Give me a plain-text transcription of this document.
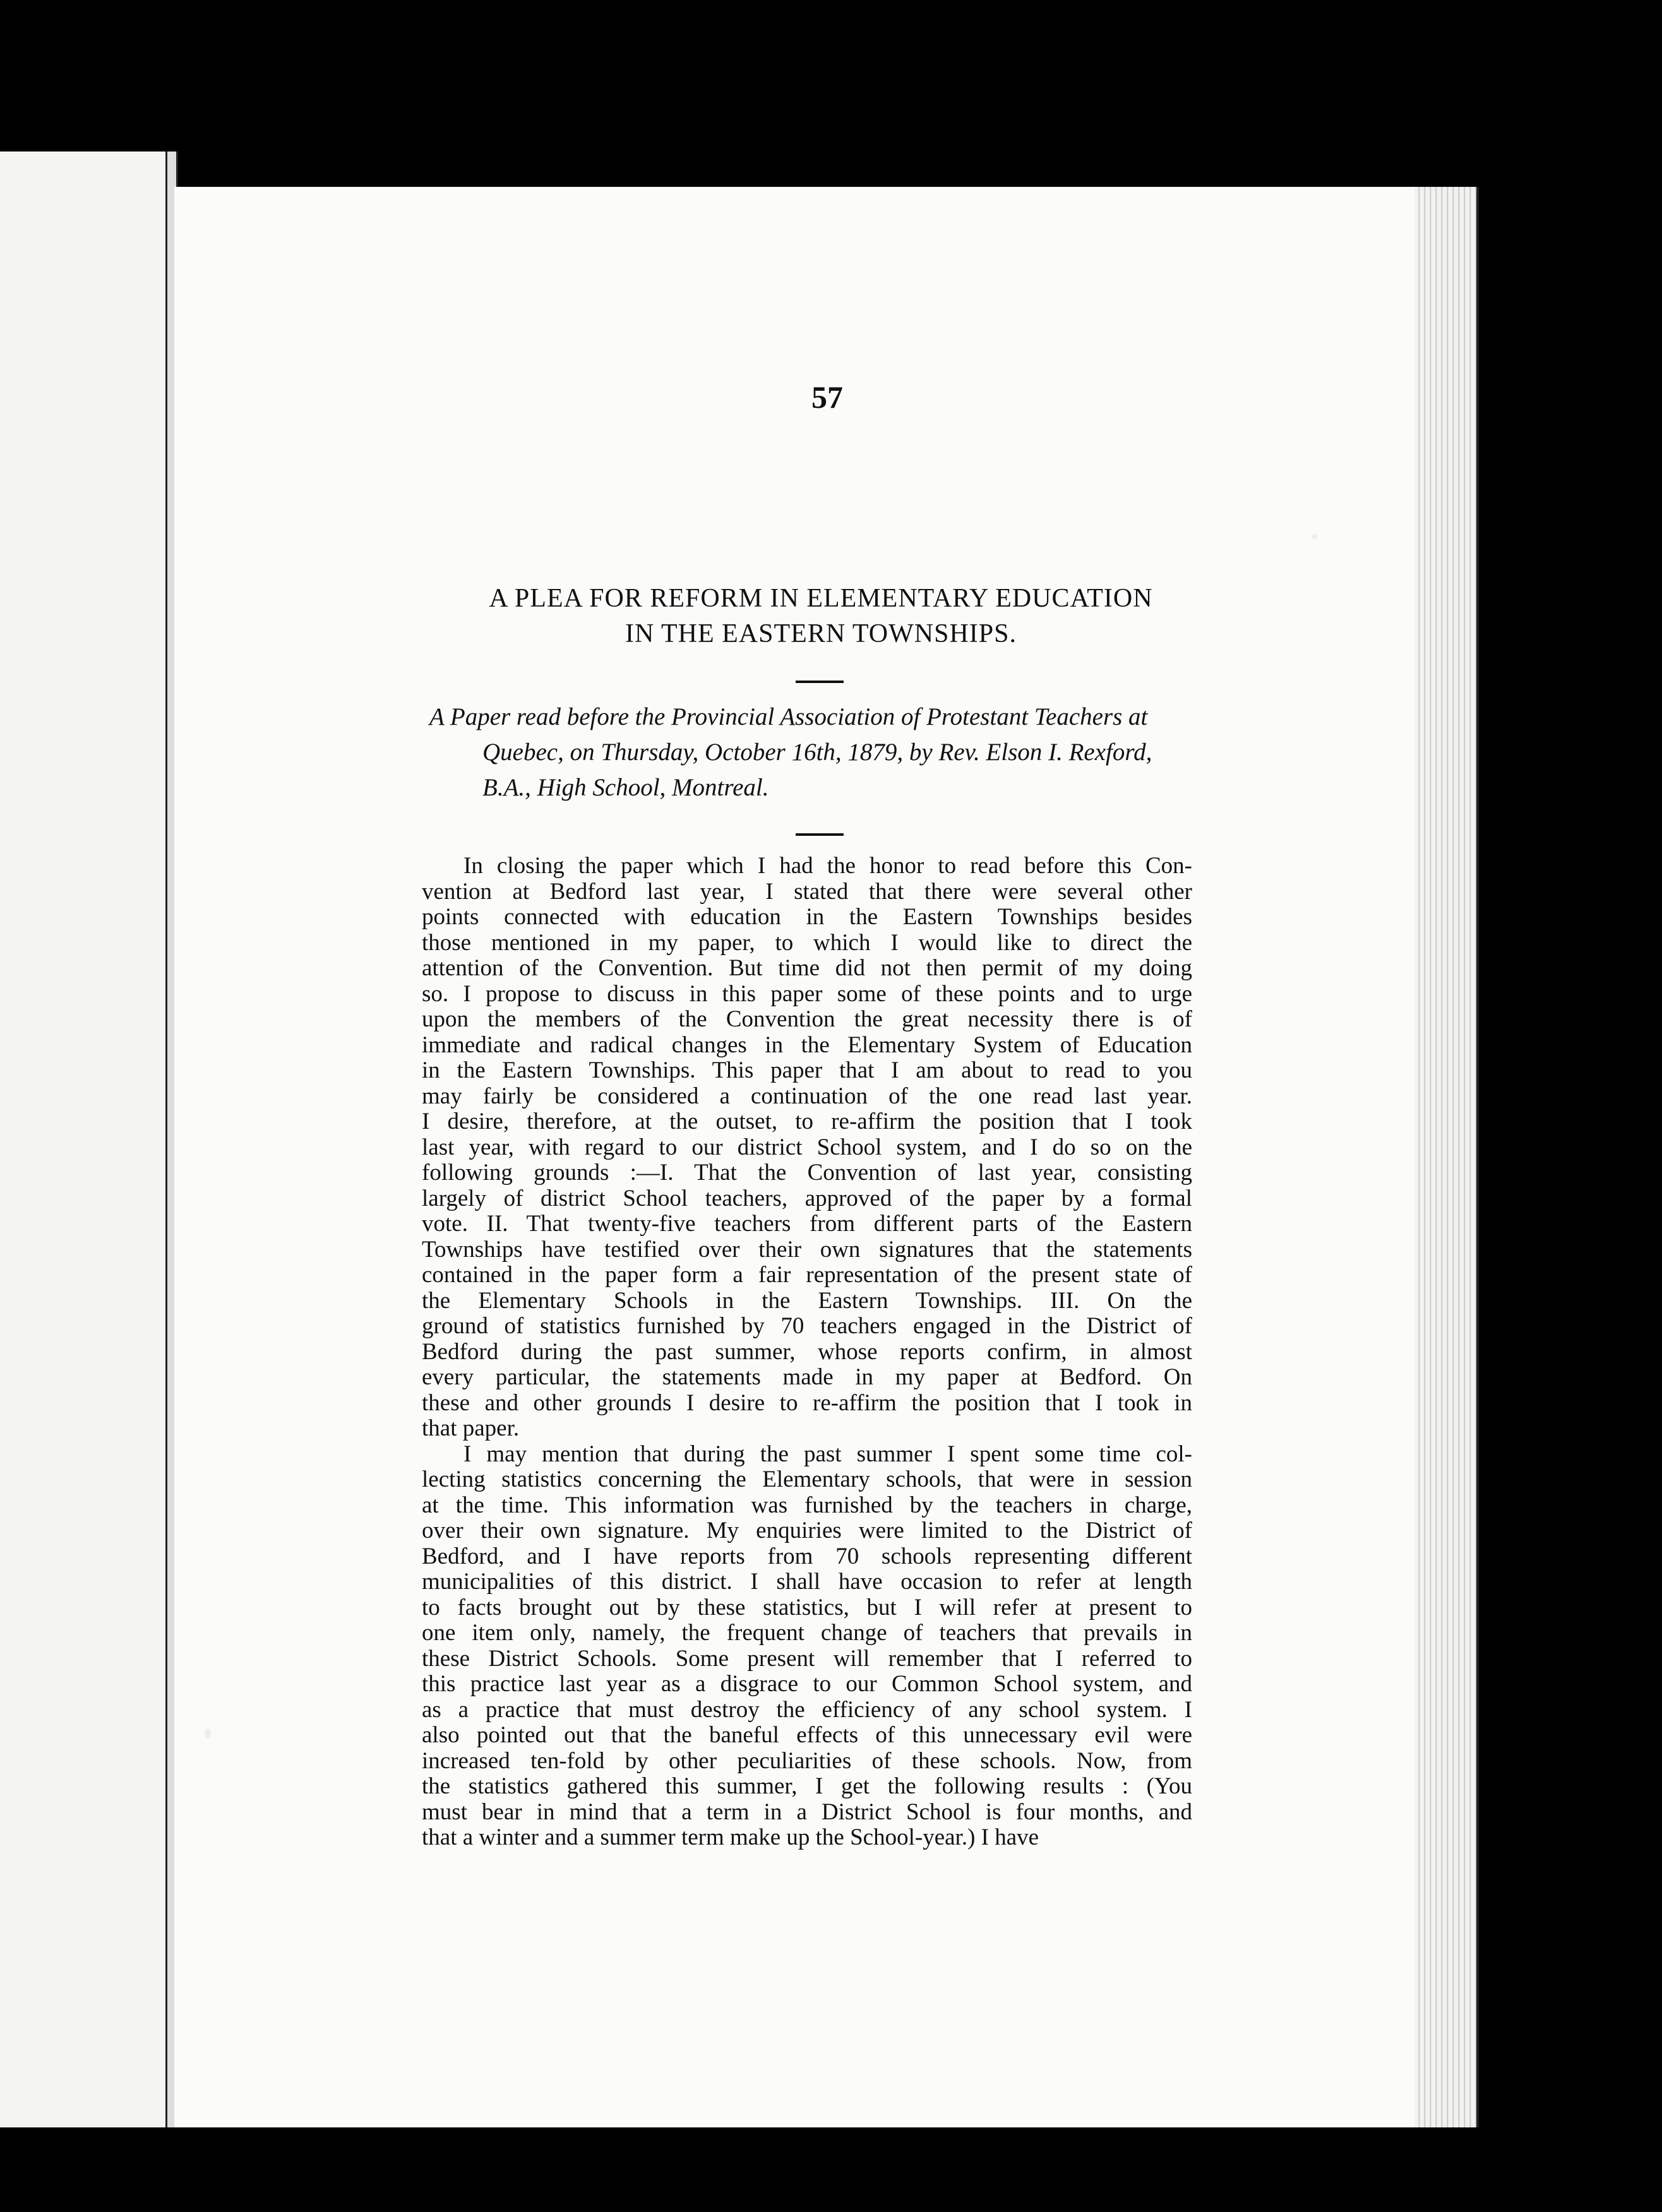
57
A PLEA FOR REFORM IN ELEMENTARY EDUCATION
IN THE EASTERN TOWNSHIPS.
A Paper read before the Provincial Association of Protestant Teachers at
Quebec, on Thursday, October 16th, 1879, by Rev. Elson I. Rexford,
B.A., High School, Montreal.
In closing the paper which I had the honor to read before this Con-
vention at Bedford last year, I stated that there were several other
points connected with education in the Eastern Townships besides
those mentioned in my paper, to which I would like to direct the
attention of the Convention. But time did not then permit of my doing
so. I propose to discuss in this paper some of these points and to urge
upon the members of the Convention the great necessity there is of
immediate and radical changes in the Elementary System of Education
in the Eastern Townships. This paper that I am about to read to you
may fairly be considered a continuation of the one read last year.
I desire, therefore, at the outset, to re-affirm the position that I took
last year, with regard to our district School system, and I do so on the
following grounds :—I. That the Convention of last year, consisting
largely of district School teachers, approved of the paper by a formal
vote. II. That twenty-five teachers from different parts of the Eastern
Townships have testified over their own signatures that the statements
contained in the paper form a fair representation of the present state of
the Elementary Schools in the Eastern Townships. III. On the
ground of statistics furnished by 70 teachers engaged in the District of
Bedford during the past summer, whose reports confirm, in almost
every particular, the statements made in my paper at Bedford. On
these and other grounds I desire to re-affirm the position that I took in
that paper.
I may mention that during the past summer I spent some time col-
lecting statistics concerning the Elementary schools, that were in session
at the time. This information was furnished by the teachers in charge,
over their own signature. My enquiries were limited to the District of
Bedford, and I have reports from 70 schools representing different
municipalities of this district. I shall have occasion to refer at length
to facts brought out by these statistics, but I will refer at present to
one item only, namely, the frequent change of teachers that prevails in
these District Schools. Some present will remember that I referred to
this practice last year as a disgrace to our Common School system, and
as a practice that must destroy the efficiency of any school system. I
also pointed out that the baneful effects of this unnecessary evil were
increased ten-fold by other peculiarities of these schools. Now, from
the statistics gathered this summer, I get the following results : (You
must bear in mind that a term in a District School is four months, and
that a winter and a summer term make up the School-year.) I have
